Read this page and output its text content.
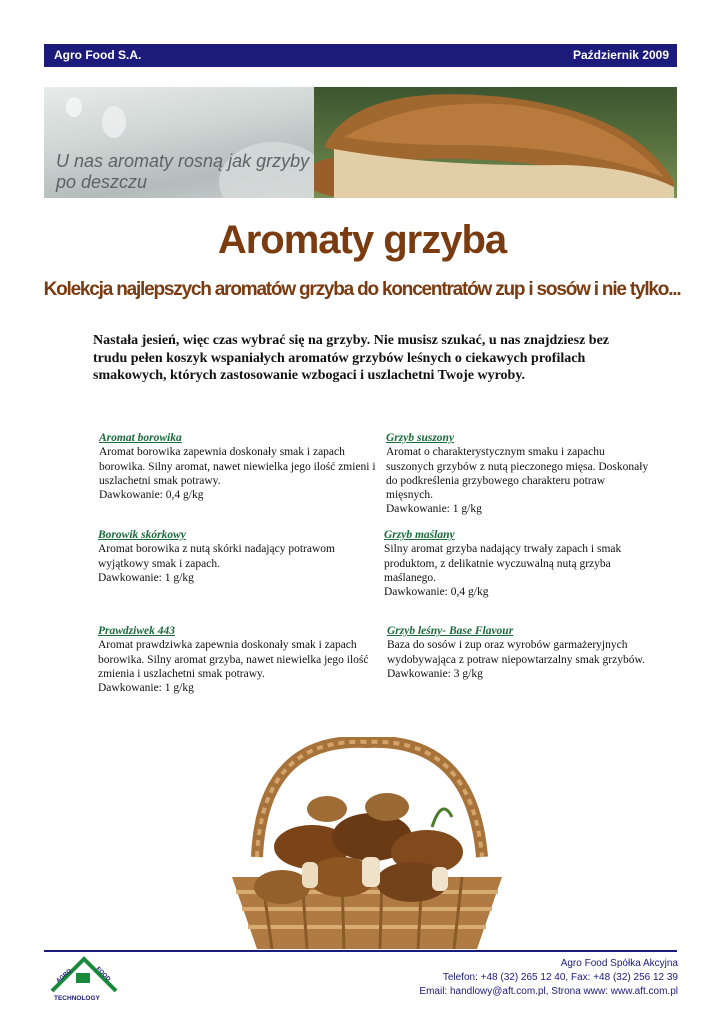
Agro Food S.A.	Październik 2009
U nas aromaty rosną jak grzyby po deszczu
Aromaty grzyba
Kolekcja najlepszych aromatów grzyba do koncentratów zup i sosów i nie tylko...
Nastała jesień, więc czas wybrać się na grzyby. Nie musisz szukać, u nas znajdziesz bez trudu pełen koszyk wspaniałych aromatów grzybów leśnych o ciekawych profilach smakowych, których zastosowanie wzbogaci i uszlachetni Twoje wyroby.
Aromat borowika
Aromat borowika zapewnia doskonały smak i zapach borowika. Silny aromat, nawet niewielka jego ilość zmieni i uszlachetni smak potrawy.
Dawkowanie: 0,4 g/kg
Grzyb suszony
Aromat o charakterystycznym smaku i zapachu suszonych grzybów z nutą pieczonego mięsa. Doskonały do podkreślenia grzybowego charakteru potraw mięsnych.
Dawkowanie: 1 g/kg
Borowik skórkowy
Aromat borowika z nutą skórki nadający potrawom wyjątkowy smak i zapach.
Dawkowanie: 1 g/kg
Grzyb maślany
Silny aromat grzyba nadający trwały zapach i smak produktom, z delikatnie wyczuwalną nutą grzyba maślanego.
Dawkowanie: 0,4 g/kg
Prawdziwek 443
Aromat prawdziwka zapewnia doskonały smak i zapach borowika. Silny aromat grzyba, nawet niewielka jego ilość zmienia i uszlachetni smak potrawy.
Dawkowanie: 1 g/kg
Grzyb leśny- Base Flavour
Baza do sosów i zup oraz wyrobów garmażeryjnych wydobywająca z potraw niepowtarzalny smak grzybów.
Dawkowanie: 3 g/kg
AGRO	FOOD
TECHNOLOGY
Agro Food Spółka Akcyjna
Telefon: +48 (32) 265 12 40, Fax: +48 (32) 256 12 39
Email: handlowy@aft.com.pl, Strona www: www.aft.com.pl
